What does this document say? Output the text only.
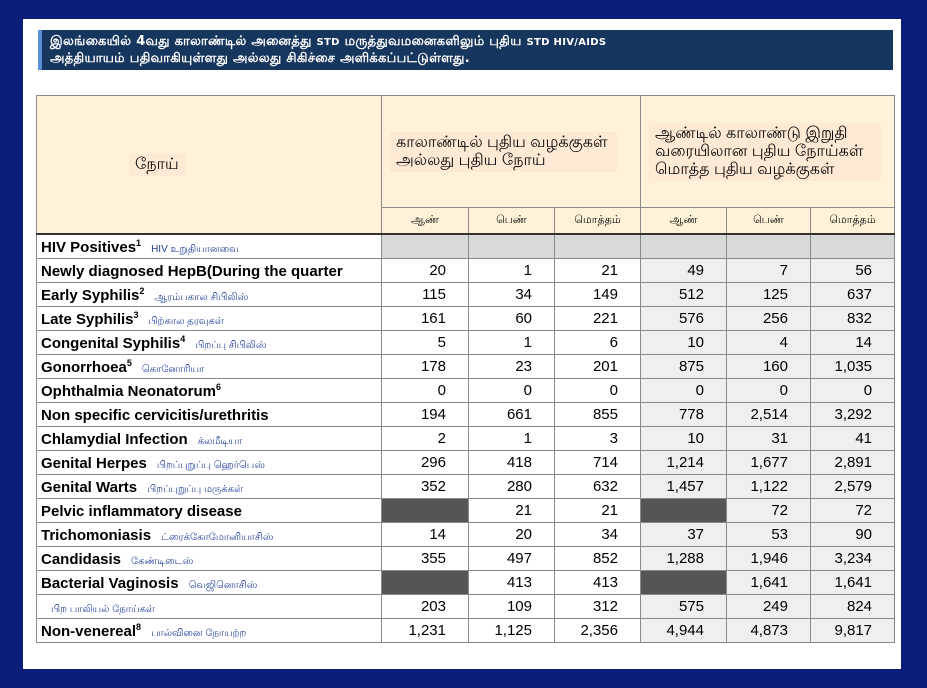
இலங்கையில் 4வது காலாண்டில் அனைத்து STD மருத்துவமனைகளிலும் புதிய STD HIV/AIDS
அத்தியாயம் பதிவாகியுள்ளது அல்லது சிகிச்சை அளிக்கப்பட்டுள்ளது.
நோய்	காலாண்டில் புதிய வழக்குகள் அல்லது புதிய நோய்			ஆண்டில் காலாண்டு இறுதி வரையிலான புதிய நோய்கள் மொத்த புதிய வழக்குகள்		
	ஆண்	பெண்	மொத்தம்	ஆண்	பெண்	மொத்தம்
HIV Positives$^1$HIV உறுதியானவை						
Newly diagnosed HepB(During the quarter	20	1	21	49	7	56
Early Syphilis$^2$ஆரம்பகால சிபிலிஸ்	115	34	149	512	125	637
Late Syphilis$^3$பிற்கால தரவுகள்	161	60	221	576	256	832
Congenital Syphilis$^4$பிறப்பு சிபிலிஸ்	5	1	6	10	4	14
Gonorrhoea$^5$கொனோரியா	178	23	201	875	160	1,035
Ophthalmia Neonatorum$^6$	0	0	0	0	0	0
Non specific cervicitis/urethritis	194	661	855	778	2,514	3,292
Chlamydial Infection க்லமீடியா	2	1	3	10	31	41
Genital Herpes பிறப்புறுப்பு ஹெர்பெஸ்	296	418	714	1,214	1,677	2,891
Genital Warts பிறப்புறுப்பு மருக்கள்	352	280	632	1,457	1,122	2,579
Pelvic inflammatory disease		21	21		72	72
Trichomoniasis ட்ரைக்கோமோனியாசிஸ்	14	20	34	37	53	90
Candidasis கேண்டிடைஸ்	355	497	852	1,288	1,946	3,234
Bacterial Vaginosis வெஜினொசிஸ்		413	413		1,641	1,641
பிற பாலியல் நோய்கள்	203	109	312	575	249	824
Non-venereal$^8$பால்வினை நோயற்ற	1,231	1,125	2,356	4,944	4,873	9,817
